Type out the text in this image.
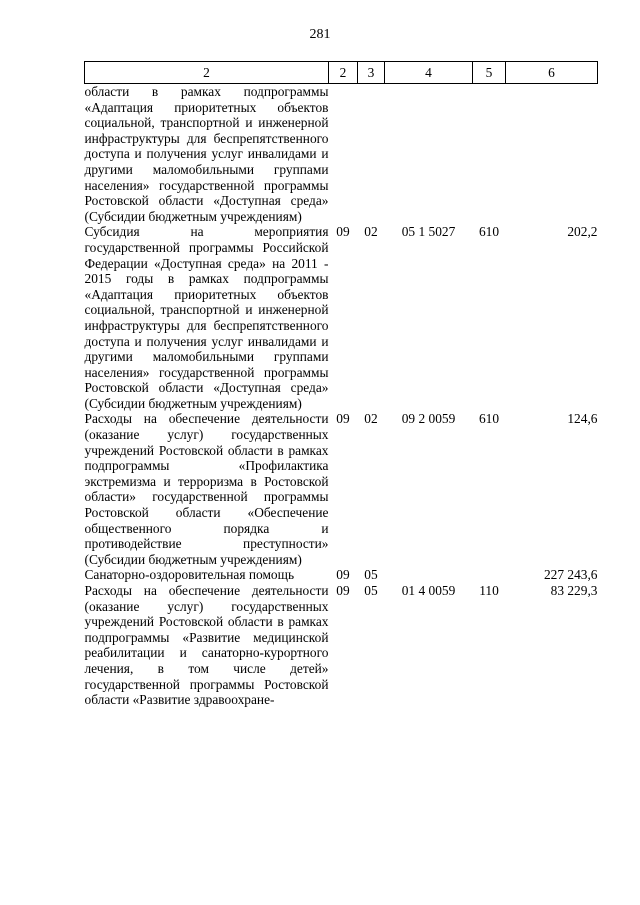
281
2	2	3	4	5	6
области в рамках подпрограммы «Адаптация приоритетных объектов социальной, транспортной и инженерной инфраструктуры для беспрепятственного доступа и получения услуг инвалидами и другими маломобильными группами населения» государственной программы Ростовской области «Доступная среда» (Субсидии бюджетным учреждениям)					
Субсидия на мероприятия государственной программы Российской Федерации «Доступная среда» на 2011 - 2015 годы в рамках подпрограммы «Адаптация приоритетных объектов социальной, транспортной и инженерной инфраструктуры для беспрепятственного доступа и получения услуг инвалидами и другими маломобильными группами населения» государственной программы Ростовской области «Доступная среда» (Субсидии бюджетным учреждениям)	09	02	05 1 5027	610	202,2
Расходы на обеспечение деятельности (оказание услуг) государственных учреждений Ростовской области в рамках подпрограммы «Профилактика экстремизма и терроризма в Ростовской области» государственной программы Ростовской области «Обеспечение общественного порядка и противодействие преступности» (Субсидии бюджетным учреждениям)	09	02	09 2 0059	610	124,6
Санаторно-оздоровительная помощь	09	05			227 243,6
Расходы на обеспечение деятельности (оказание услуг) государственных учреждений Ростовской области в рамках подпрограммы «Развитие медицинской реабилитации и санаторно-курортного лечения, в том числе детей» государственной программы Ростовской области «Развитие здравоохране-	09	05	01 4 0059	110	83 229,3
